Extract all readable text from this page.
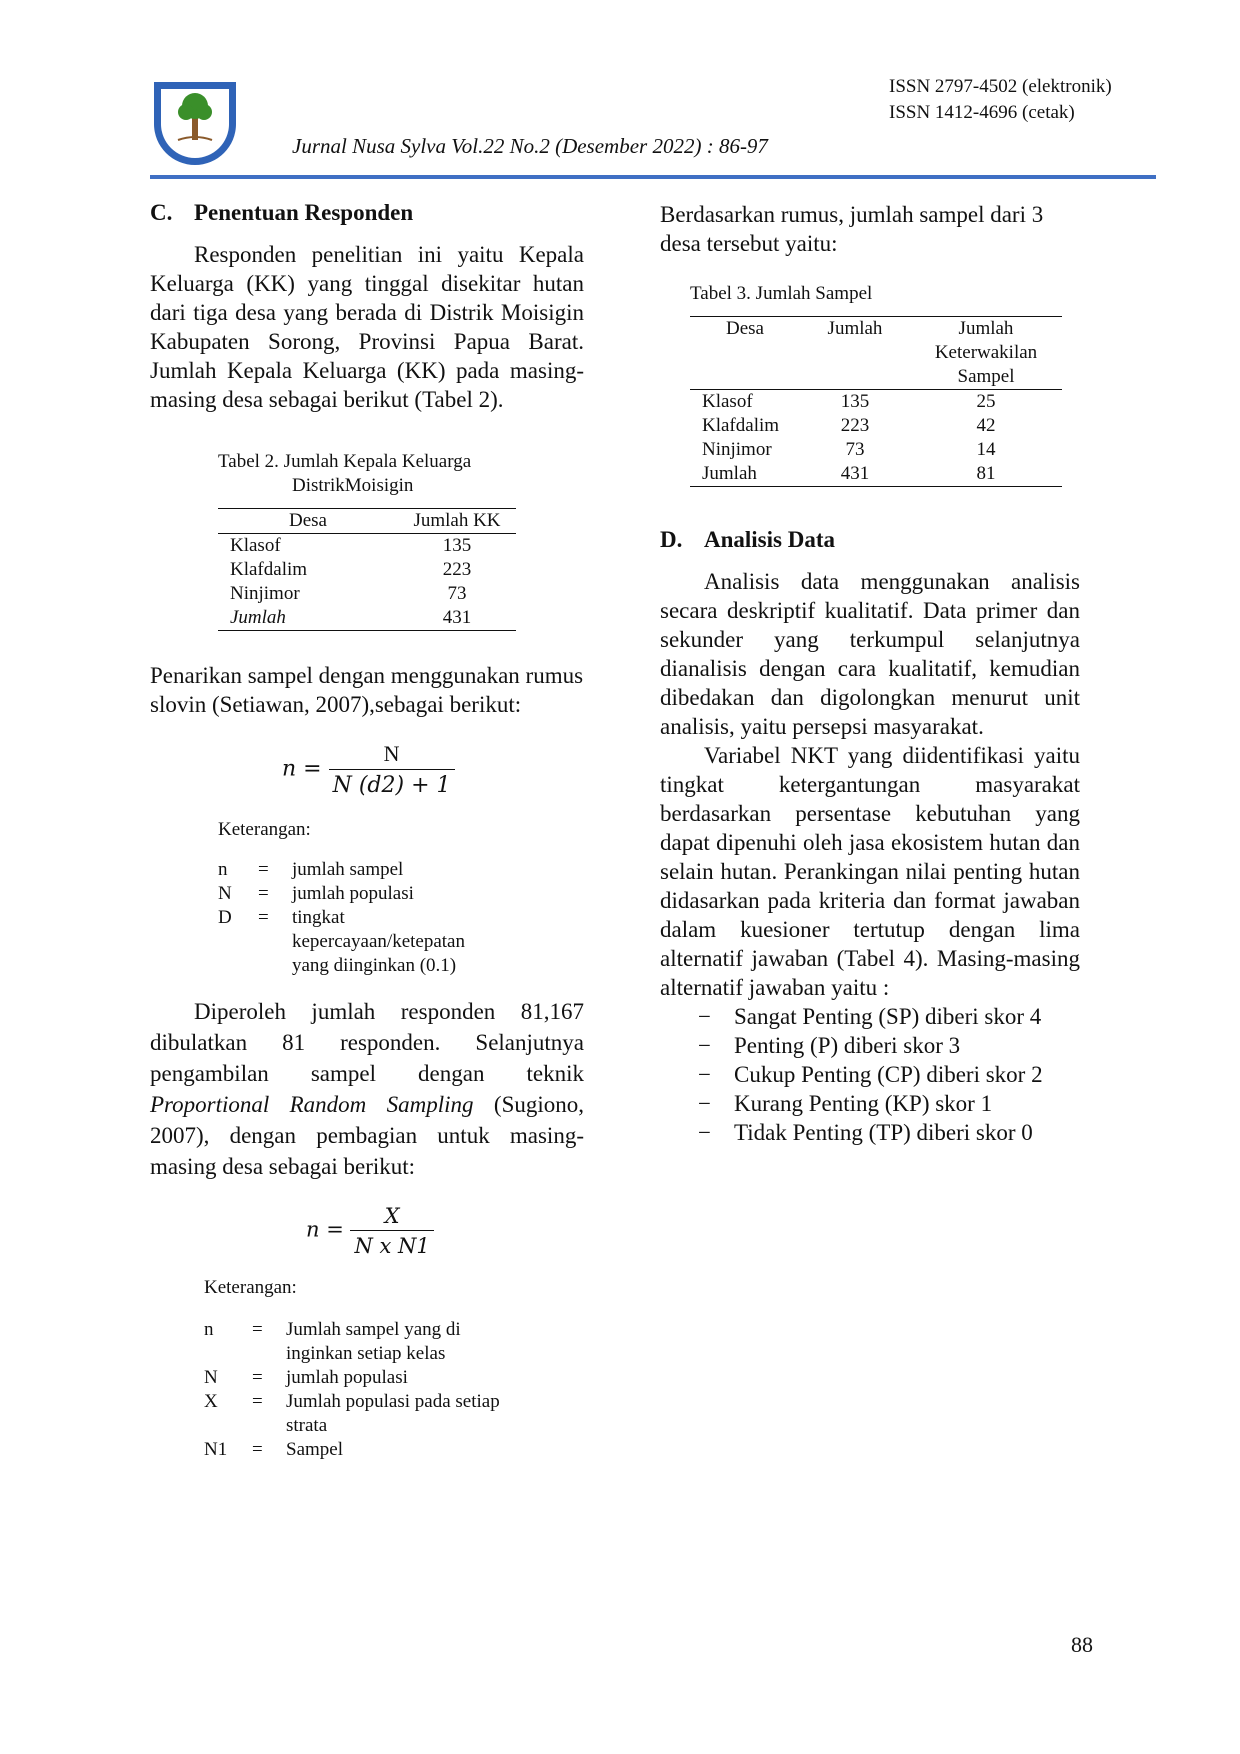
ISSN 2797-4502 (elektronik)
ISSN 1412-4696 (cetak)
Jurnal Nusa Sylva Vol.22 No.2 (Desember 2022) : 86-97
C. Penentuan Responden

Responden penelitian ini yaitu Kepala Keluarga (KK) yang tinggal disekitar hutan dari tiga desa yang berada di Distrik Moisigin Kabupaten Sorong, Provinsi Papua Barat. Jumlah Kepala Keluarga (KK) pada masing-masing desa sebagai berikut (Tabel 2).

Tabel 2. Jumlah Kepala Keluarga
DistrikMoisigin
Desa	Jumlah KK
Klasof	135
Klafdalim	223
Ninjimor	73
Jumlah	431

Penarikan sampel dengan menggunakan rumus slovin (Setiawan, 2007),sebagai berikut:

$n = \frac{N}{N (d2) + 1}$
Keterangan:
n	=	jumlah sampel
N	=	jumlah populasi
D	=	tingkat kepercayaan/ketepatan yang diinginkan (0.1)

Diperoleh jumlah responden 81,167 dibulatkan 81 responden. Selanjutnya pengambilan sampel dengan teknik Proportional Random Sampling (Sugiono, 2007), dengan pembagian untuk masing-masing desa sebagai berikut:

$n = \frac{X}{\text{N x N1}}$
Keterangan:
n	=	Jumlah sampel yang di inginkan setiap kelas
N	=	jumlah populasi
X	=	Jumlah populasi pada setiap strata
N1	=	Sampel

Berdasarkan rumus, jumlah sampel dari 3 desa tersebut yaitu:

Tabel 3. Jumlah Sampel
Desa	Jumlah	Jumlah Keterwakilan Sampel
Klasof	135	25
Klafdalim	223	42
Ninjimor	73	14
Jumlah	431	81
D. Analisis Data

Analisis data menggunakan analisis secara deskriptif kualitatif. Data primer dan sekunder yang terkumpul selanjutnya dianalisis dengan cara kualitatif, kemudian dibedakan dan digolongkan menurut unit analisis, yaitu persepsi masyarakat.

Variabel NKT yang diidentifikasi yaitu tingkat ketergantungan masyarakat berdasarkan persentase kebutuhan yang dapat dipenuhi oleh jasa ekosistem hutan dan selain hutan. Perankingan nilai penting hutan didasarkan pada kriteria dan format jawaban dalam kuesioner tertutup dengan lima alternatif jawaban (Tabel 4). Masing-masing alternatif jawaban yaitu :

−	Sangat Penting (SP) diberi skor 4
−	Penting (P) diberi skor 3
−	Cukup Penting (CP) diberi skor 2
−	Kurang Penting (KP) skor 1
−	Tidak Penting (TP) diberi skor 0
88
